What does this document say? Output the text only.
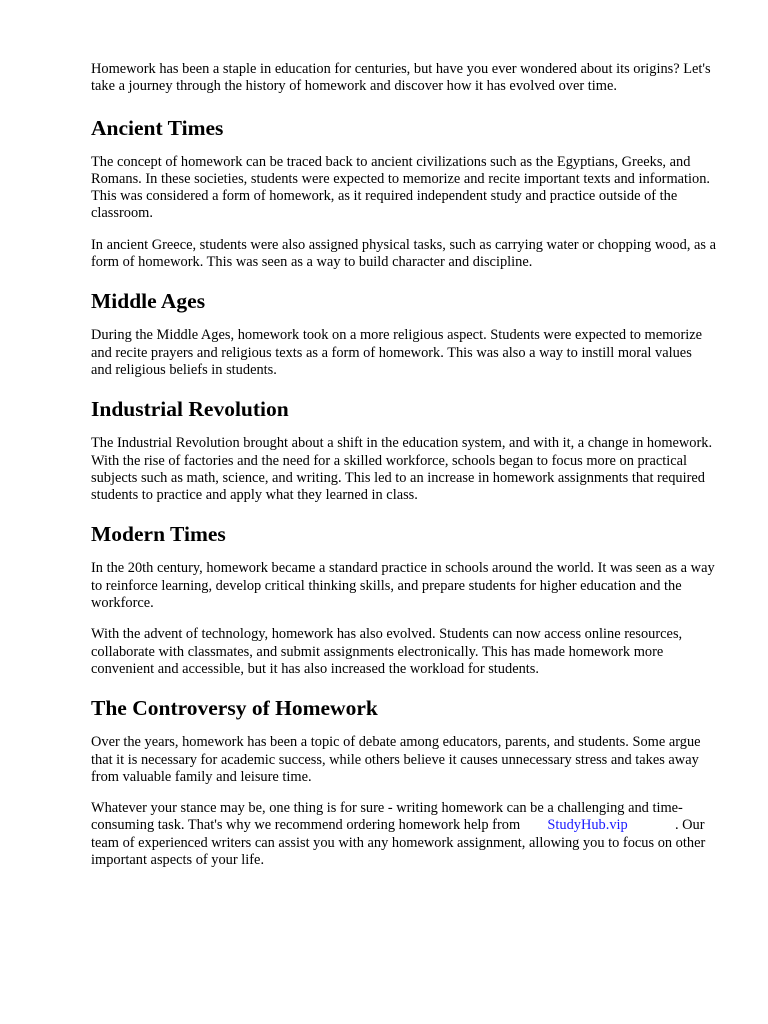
Homework has been a staple in education for centuries, but have you ever wondered about its origins? Let's take a journey through the history of homework and discover how it has evolved over time.

Ancient Times

The concept of homework can be traced back to ancient civilizations such as the Egyptians, Greeks, and Romans. In these societies, students were expected to memorize and recite important texts and information. This was considered a form of homework, as it required independent study and practice outside of the classroom.

In ancient Greece, students were also assigned physical tasks, such as carrying water or chopping wood, as a form of homework. This was seen as a way to build character and discipline.

Middle Ages

During the Middle Ages, homework took on a more religious aspect. Students were expected to memorize and recite prayers and religious texts as a form of homework. This was also a way to instill moral values and religious beliefs in students.

Industrial Revolution

The Industrial Revolution brought about a shift in the education system, and with it, a change in homework. With the rise of factories and the need for a skilled workforce, schools began to focus more on practical subjects such as math, science, and writing. This led to an increase in homework assignments that required students to practice and apply what they learned in class.

Modern Times

In the 20th century, homework became a standard practice in schools around the world. It was seen as a way to reinforce learning, develop critical thinking skills, and prepare students for higher education and the workforce.

With the advent of technology, homework has also evolved. Students can now access online resources, collaborate with classmates, and submit assignments electronically. This has made homework more convenient and accessible, but it has also increased the workload for students.

The Controversy of Homework

Over the years, homework has been a topic of debate among educators, parents, and students. Some argue that it is necessary for academic success, while others believe it causes unnecessary stress and takes away from valuable family and leisure time.

Whatever your stance may be, one thing is for sure - writing homework can be a challenging and time-consuming task. That's why we recommend ordering homework help from StudyHub.vip	. Our team of experienced writers can assist you with any homework assignment, allowing you to focus on other important aspects of your life.
